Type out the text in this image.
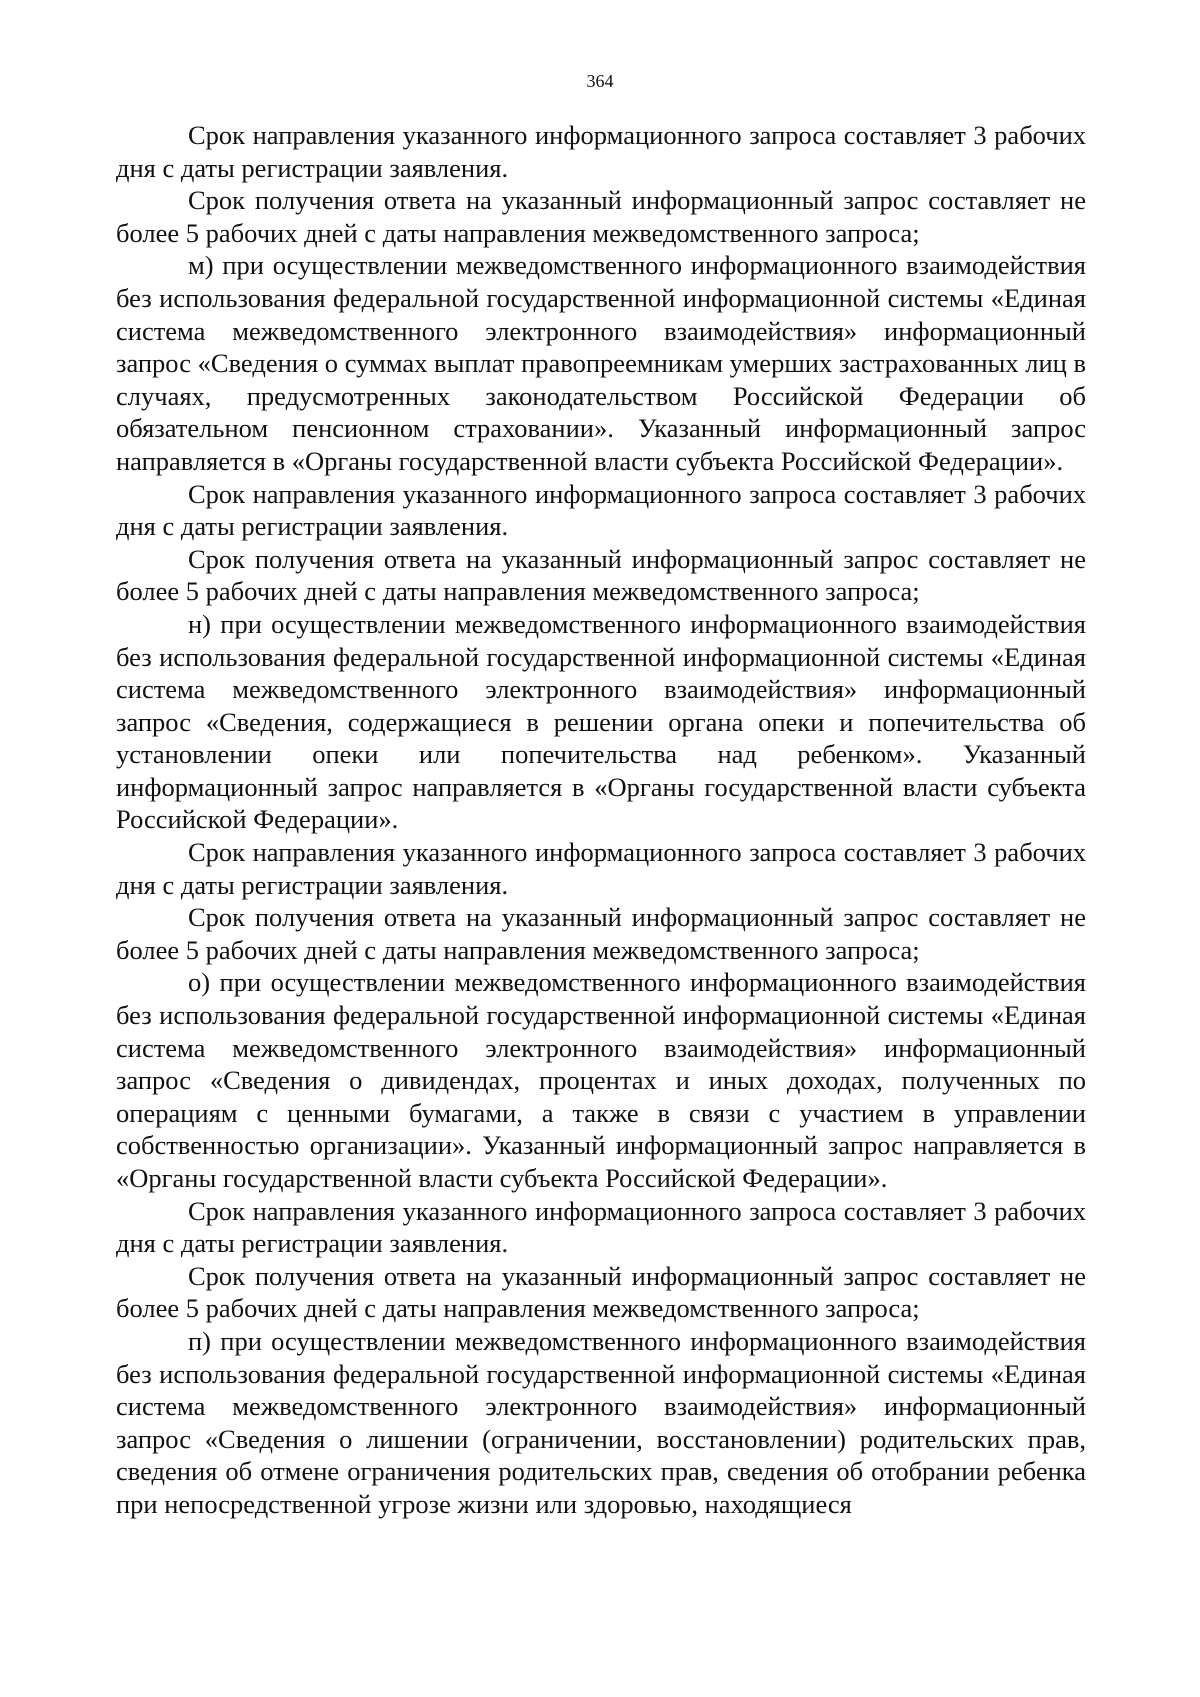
364

Срок направления указанного информационного запроса составляет 3 рабочих дня с даты регистрации заявления.

Срок получения ответа на указанный информационный запрос составляет не более 5 рабочих дней с даты направления межведомственного запроса;

м) при осуществлении межведомственного информационного взаимодействия без использования федеральной государственной информационной системы «Единая система межведомственного электронного взаимодействия» информационный запрос «Сведения о суммах выплат правопреемникам умерших застрахованных лиц в случаях, предусмотренных законодательством Российской Федерации об обязательном пенсионном страховании». Указанный информационный запрос направляется в «Органы государственной власти субъекта Российской Федерации».

Срок направления указанного информационного запроса составляет 3 рабочих дня с даты регистрации заявления.

Срок получения ответа на указанный информационный запрос составляет не более 5 рабочих дней с даты направления межведомственного запроса;

н) при осуществлении межведомственного информационного взаимодействия без использования федеральной государственной информационной системы «Единая система межведомственного электронного взаимодействия» информационный запрос «Сведения, содержащиеся в решении органа опеки и попечительства об установлении опеки или попечительства над ребенком». Указанный информационный запрос направляется в «Органы государственной власти субъекта Российской Федерации».

Срок направления указанного информационного запроса составляет 3 рабочих дня с даты регистрации заявления.

Срок получения ответа на указанный информационный запрос составляет не более 5 рабочих дней с даты направления межведомственного запроса;

о) при осуществлении межведомственного информационного взаимодействия без использования федеральной государственной информационной системы «Единая система межведомственного электронного взаимодействия» информационный запрос «Сведения о дивидендах, процентах и иных доходах, полученных по операциям с ценными бумагами, а также в связи с участием в управлении собственностью организации». Указанный информационный запрос направляется в «Органы государственной власти субъекта Российской Федерации».

Срок направления указанного информационного запроса составляет 3 рабочих дня с даты регистрации заявления.

Срок получения ответа на указанный информационный запрос составляет не более 5 рабочих дней с даты направления межведомственного запроса;

п) при осуществлении межведомственного информационного взаимодействия без использования федеральной государственной информационной системы «Единая система межведомственного электронного взаимодействия» информационный запрос «Сведения о лишении (ограничении, восстановлении) родительских прав, сведения об отмене ограничения родительских прав, сведения об отобрании ребенка при непосредственной угрозе жизни или здоровью, находящиеся
